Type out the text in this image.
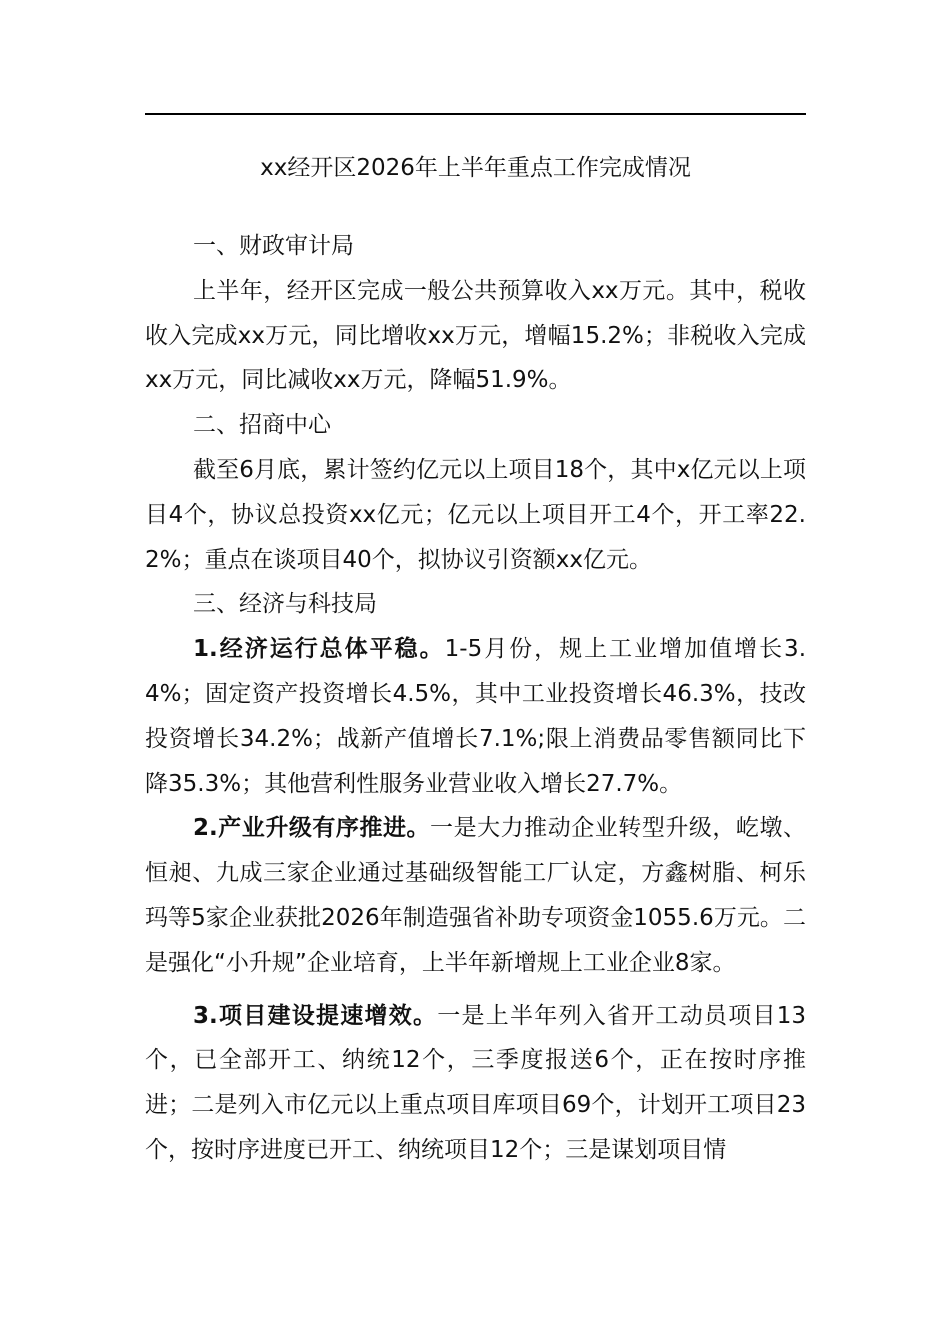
xx经开区2026年上半年重点工作完成情况

一、财政审计局

上半年，经开区完成一般公共预算收入xx万元。其中，税收收入完成xx万元，同比增收xx万元，增幅15.2%；非税收入完成xx万元，同比减收xx万元，降幅51.9%。

二、招商中心

截至6月底，累计签约亿元以上项目18个，其中x亿元以上项目4个，协议总投资xx亿元；亿元以上项目开工4个，开工率22.2%；重点在谈项目40个，拟协议引资额xx亿元。

三、经济与科技局

1.经济运行总体平稳。1-5月份，规上工业增加值增长3.4%；固定资产投资增长4.5%，其中工业投资增长46.3%，技改投资增长34.2%；战新产值增长7.1%;限上消费品零售额同比下降35.3%；其他营利性服务业营业收入增长27.7%。

2.产业升级有序推进。一是大力推动企业转型升级，屹墩、恒昶、九成三家企业通过基础级智能工厂认定，方鑫树脂、柯乐玛等5家企业获批2026年制造强省补助专项资金1055.6万元。二是强化“小升规”企业培育，上半年新增规上工业企业8家。

3.项目建设提速增效。一是上半年列入省开工动员项目13个，已全部开工、纳统12个，三季度报送6个，正在按时序推进；二是列入市亿元以上重点项目库项目69个，计划开工项目23个，按时序进度已开工、纳统项目12个；三是谋划项目情
